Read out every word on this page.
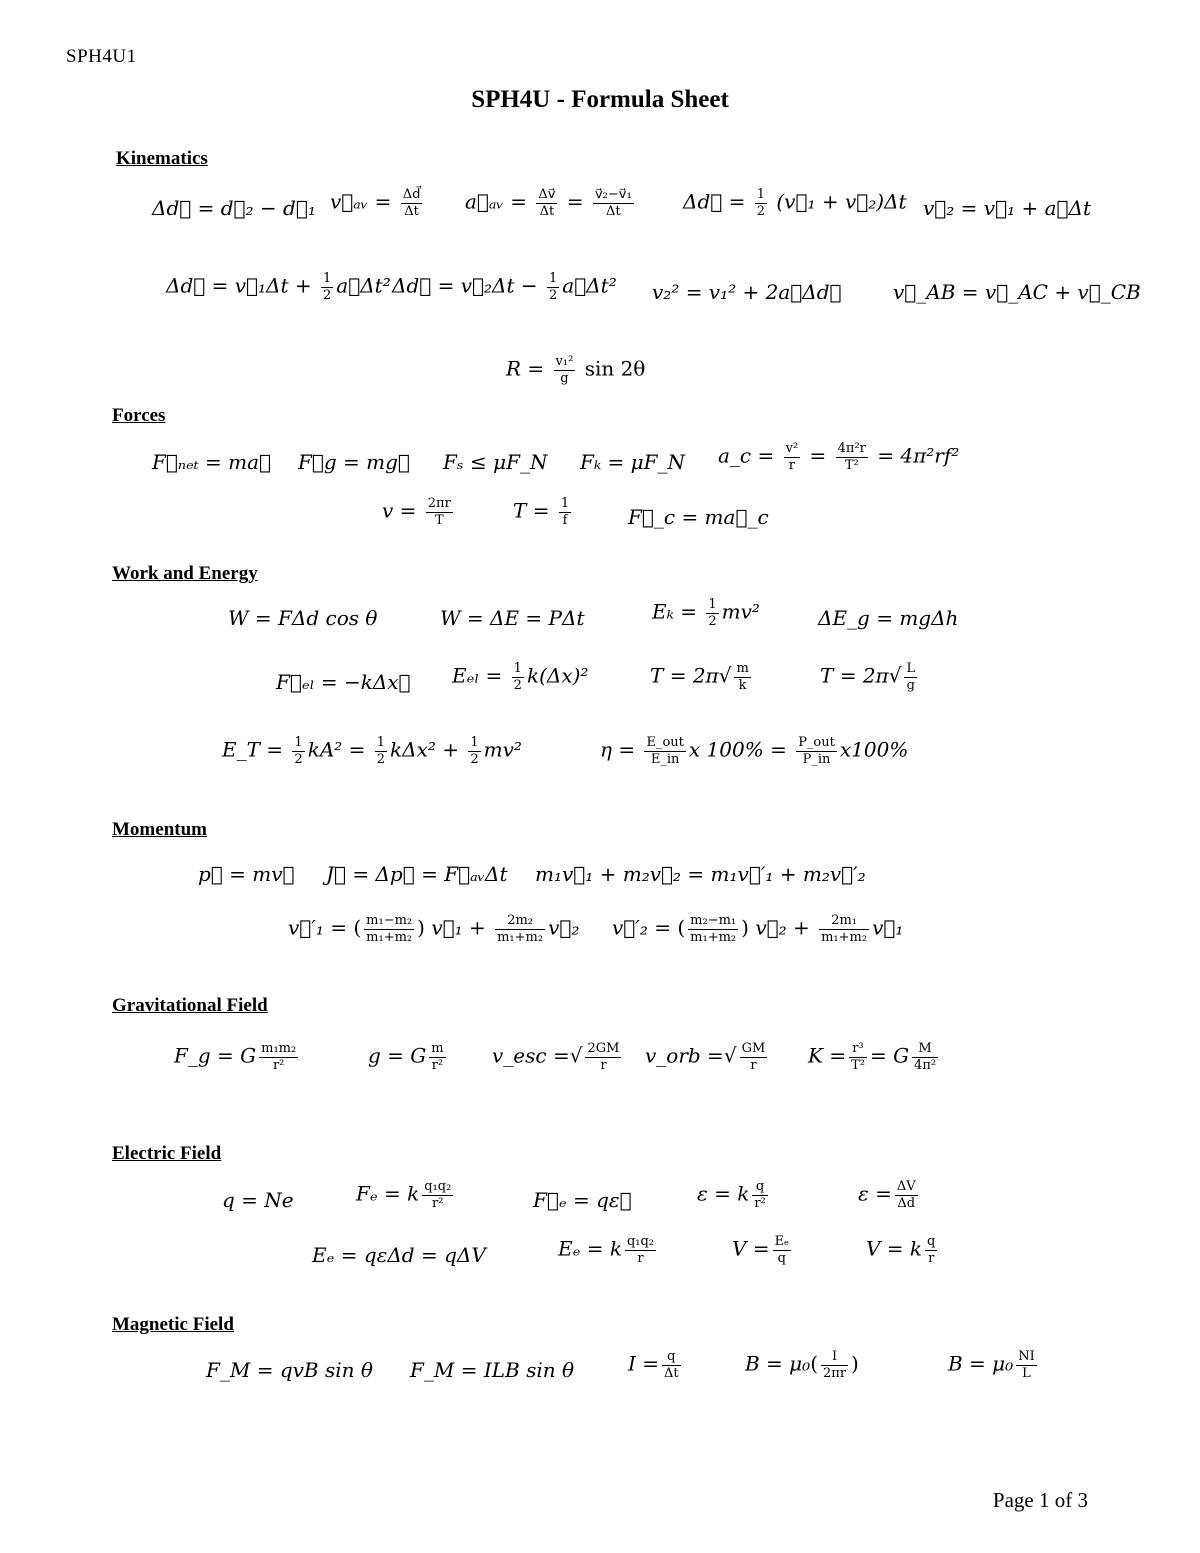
SPH4U1
SPH4U - Formula Sheet
Kinematics
Δd⃗ = d⃗₂ − d⃗₁ v⃗ₐᵥ = $\frac{\Delta d⃗}{\Delta t}$ a⃗ₐᵥ = $\frac{\Delta v⃗}{\Delta t} = \frac{\text{v⃗₂−v⃗₁}}{\Delta t}$ Δd⃗ = $\frac{1}{2}$ (v⃗₁ + v⃗₂)Δt v⃗₂ = v⃗₁ + a⃗Δt
Δd⃗ = v⃗₁Δt + $\frac{1}{2}$ a⃗Δt² Δd⃗ = v⃗₂Δt − $\frac{1}{2}$ a⃗Δt² v₂² = v₁² + 2a⃗Δd⃗	v⃗_AB = v⃗_AC + v⃗_CB
$R = \frac{\text{v₁²}}{g}$ sin 2θ
Forces
F⃗ₙₑₜ = ma⃗ F⃗g = mg⃗ Fₛ ≤ μF_N Fₖ = μF_N a_c = $\frac{\text{v²}}{r} = \frac{\text{4π²r}}{\text{T²}} = 4\pi^2rf^2$
$v = \frac{2\pi r}{T}$	$T = \frac{1}{f}$	F⃗_c = ma⃗_c
Work and Energy
W = FΔd cos θ	W = ΔE = PΔt	$E_k = \frac{1}{2} mv^2$	ΔE_g = mgΔh
F⃗ₑₗ = −kΔx⃗ $E_{el} = \frac{1}{2} k(\Delta x)^2$	$T = 2\pi√ \frac{m}{k}$	$T = 2\pi√ \frac{L}{g}$
E_T = $\frac{1}{2} kA^2 = \frac{1}{2} k\Delta x^2 + \frac{1}{2} mv^2$	$\eta = \frac{\text{E\_out}}{E\_in}$ x $100\% = \frac{\text{P\_out}}{P\_in} x100\%$
Momentum
p⃗ = mv⃗ J⃗ = Δp⃗ = F⃗ₐᵥΔt m₁v⃗₁ + m₂v⃗₂ = m₁v⃗′₁ + m₂v⃗′₂
v⃗′₁ = ( $\frac{\text{m₁−m₂}}{\text{m₁+m₂}}$ ) v⃗₁ + $\frac{\text{2m₂}}{\text{m₁+m₂}}$ v⃗₂ v⃗′₂ = ( $\frac{\text{m₂−m₁}}{\text{m₁+m₂}}$ ) v⃗₂ + $\frac{\text{2m₁}}{\text{m₁+m₂}}$ v⃗₁
Gravitational Field
F_g = G $\frac{\text{m₁m₂}}{\text{r²}}$	g = G $\frac{m}{\text{r²}}$ v_esc =√ $\frac{2GM}{r}$ v_orb =√ $\frac{GM}{r}$ $K = \frac{\text{r³}}{\text{T²}} = G \frac{M}{\text{4π²}}$
Electric Field
q = Ne	Fₑ = k $\frac{\text{q₁q₂}}{\text{r²}}$	F⃗ₑ = qε⃗	ε = k $\frac{q}{\text{r²}}$	$\varepsilon = \frac{\Delta V}{\Delta d}$
Eₑ = qεΔd = qΔV	Eₑ = k $\frac{\text{q₁q₂}}{r}$	$V = \frac{\text{Eₑ}}{q}$	V = k $\frac{q}{r}$
Magnetic Field
F_M = qvB sin θ F_M = ILB sin θ	$I = \frac{q}{\Delta t}$	$B = \mu_0( \frac{I}{2\pi r}$ )	$B = \mu_0 \frac{NI}{L}$
Page 1 of 3
